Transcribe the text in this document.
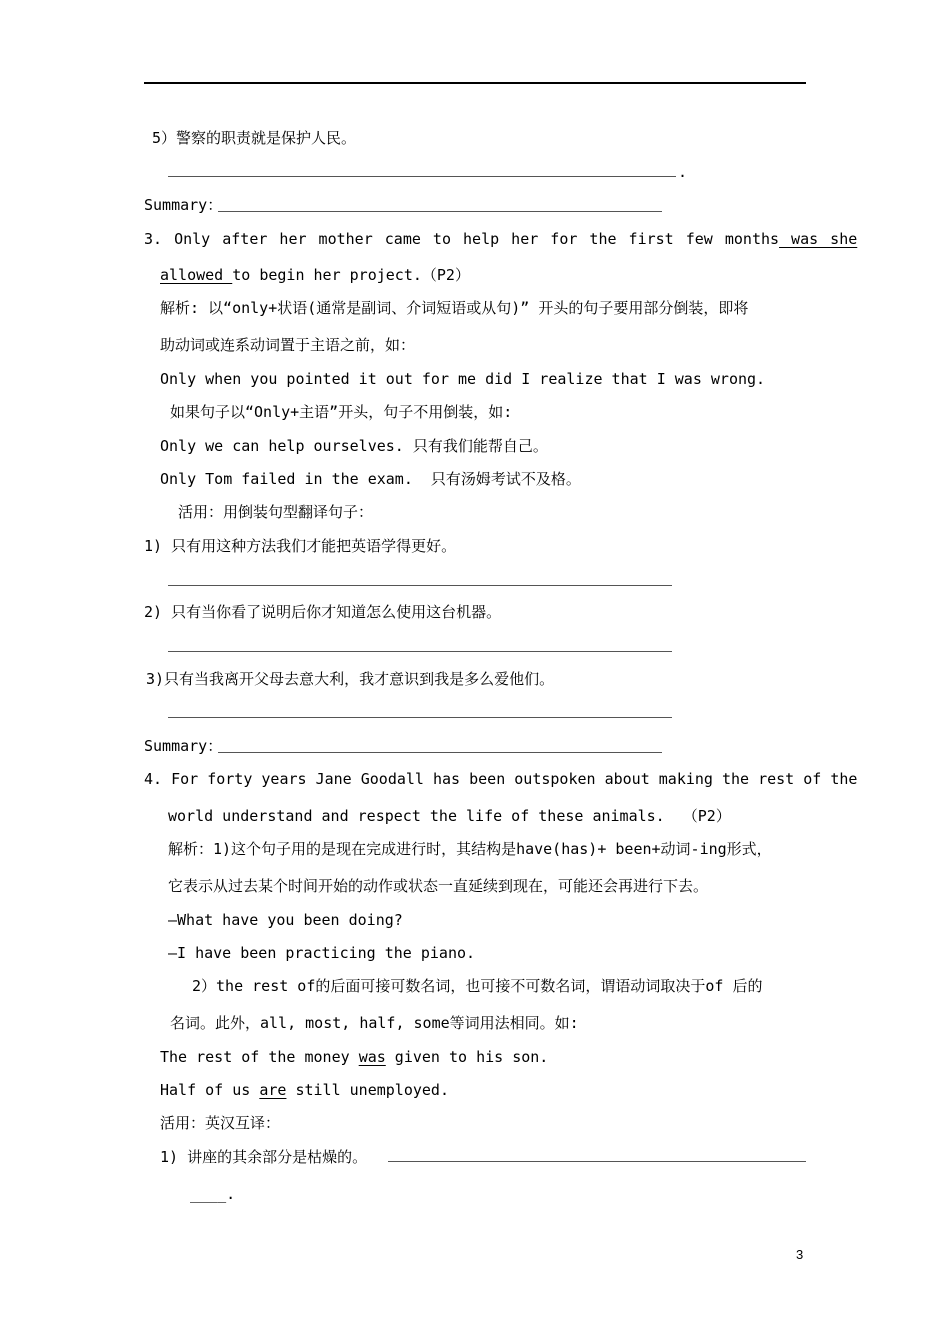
5）警察的职责就是保护人民。
.
Summary：
3. Only after her mother came to help her for the first few months was she
allowed to begin her project.（P2）
解析: 以“only+状语(通常是副词、介词短语或从句)” 开头的句子要用部分倒装，即将
助动词或连系动词置于主语之前，如：
Only when you pointed it out for me did I realize that I was wrong.
如果句子以“Only+主语”开头，句子不用倒装，如:
Only we can help ourselves. 只有我们能帮自己。
Only Tom failed in the exam.  只有汤姆考试不及格。
活用：用倒装句型翻译句子：
1) 只有用这种方法我们才能把英语学得更好。
2) 只有当你看了说明后你才知道怎么使用这台机器。
3)只有当我离开父母去意大利，我才意识到我是多么爱他们。
Summary：
4. For forty years Jane Goodall has been outspoken about making the rest of the
world understand and respect the life of these animals.  （P2）
解析：1)这个句子用的是现在完成进行时，其结构是have(has)+ been+动词-ing形式，
它表示从过去某个时间开始的动作或状态一直延续到现在，可能还会再进行下去。
—What have you been doing?
—I have been practicing the piano.
2）the rest of的后面可接可数名词，也可接不可数名词，谓语动词取决于of 后的
名词。此外，all, most, half, some等词用法相同。如:
The rest of the money was given to his son.
Half of us are still unemployed.
活用：英汉互译：
1) 讲座的其余部分是枯燥的。
____.
3
